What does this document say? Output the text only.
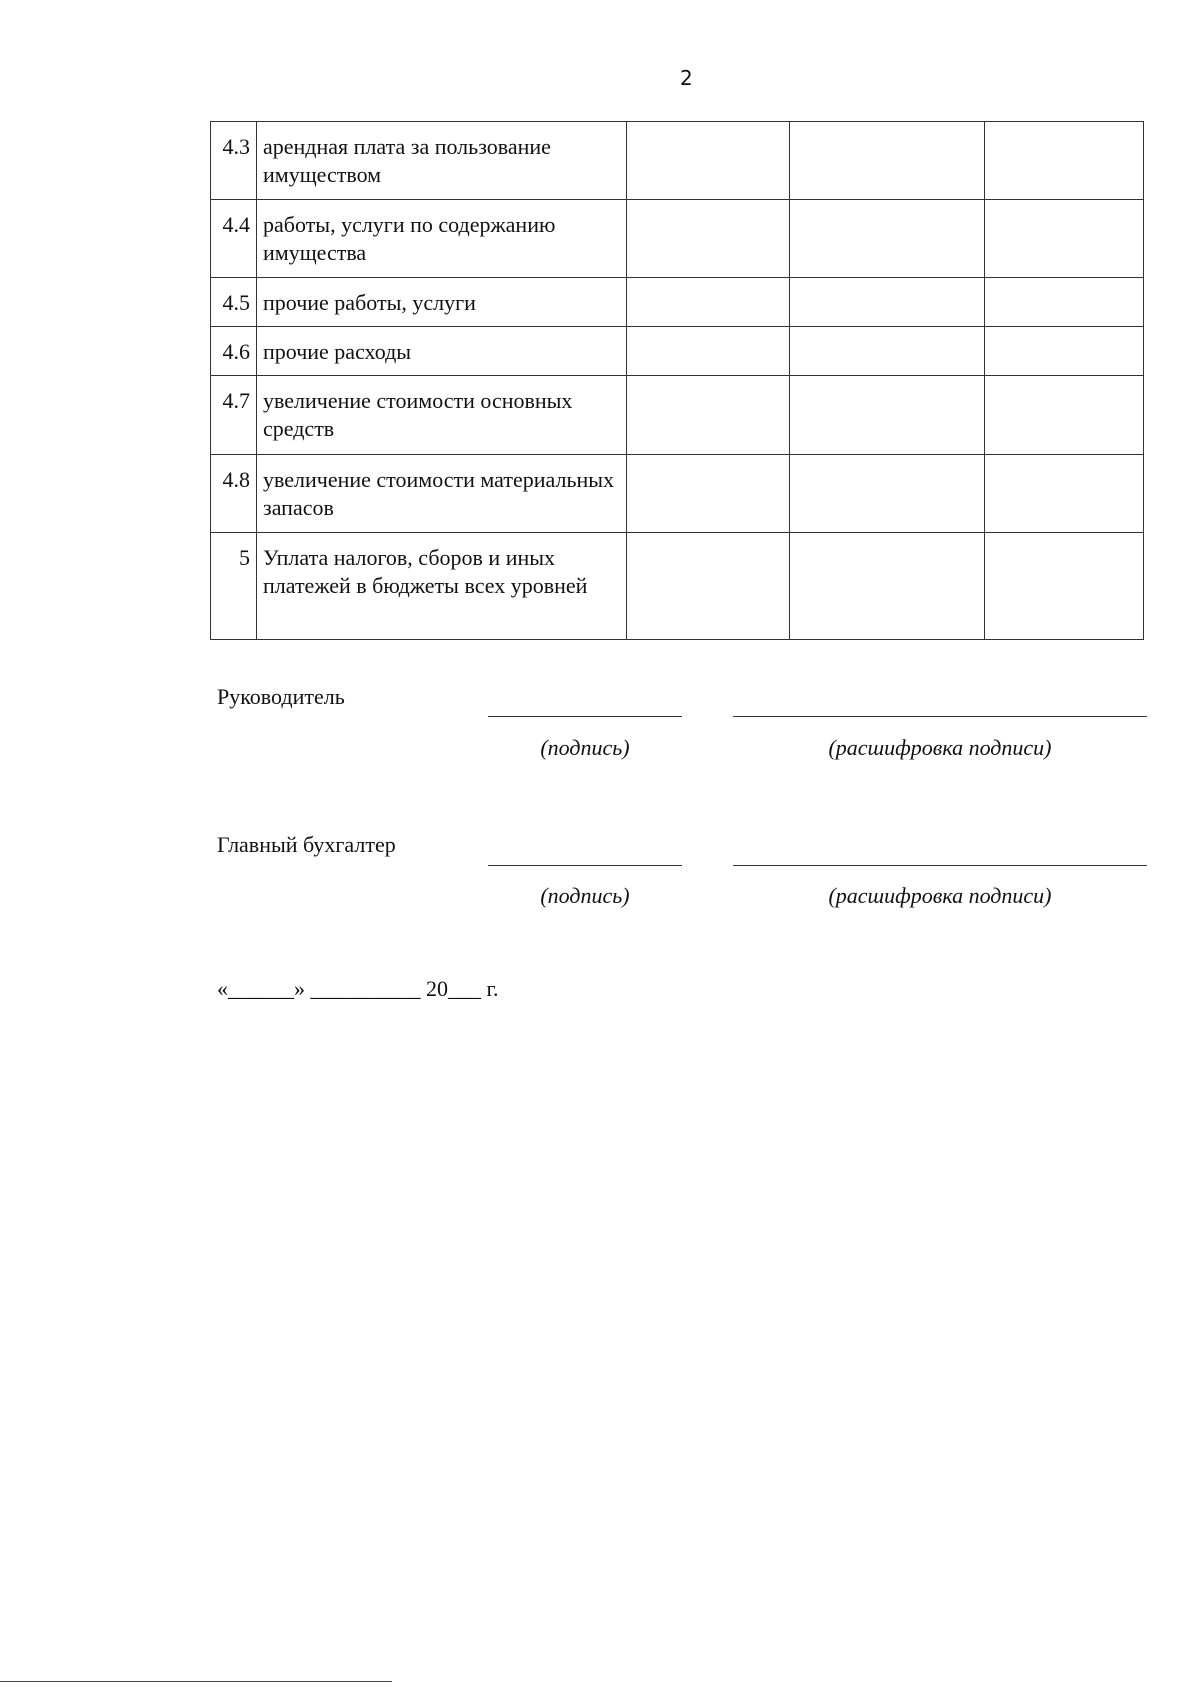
2
4.3	арендная плата за пользование имуществом			
4.4	работы, услуги по содержанию имущества			
4.5	прочие работы, услуги			
4.6	прочие расходы			
4.7	увеличение стоимости основных средств			
4.8	увеличение стоимости материальных запасов			
5	Уплата налогов, сборов и иных платежей в бюджеты всех уровней			
Руководитель
(подпись)	(расшифровка подписи)
Главный бухгалтер
(подпись)	(расшифровка подписи)
«______» __________ 20___ г.
